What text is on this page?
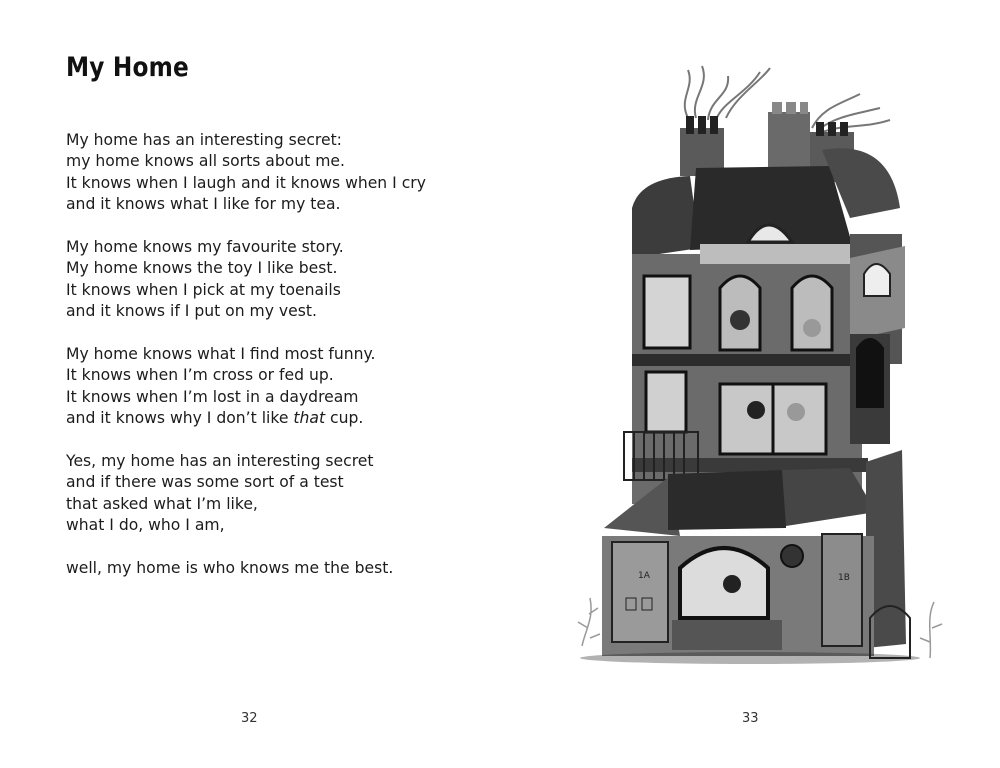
My Home

My home has an interesting secret:
my home knows all sorts about me.
It knows when I laugh and it knows when I cry
and it knows what I like for my tea.

My home knows my favourite story.
My home knows the toy I like best.
It knows when I pick at my toenails
and it knows if I put on my vest.

My home knows what I find most funny.
It knows when I’m cross or fed up.
It knows when I’m lost in a daydream
and it knows why I don’t like that cup.

Yes, my home has an interesting secret
and if there was some sort of a test
that asked what I’m like,
what I do, who I am,

well, my home is who knows me the best.

32
1A	1B
33
